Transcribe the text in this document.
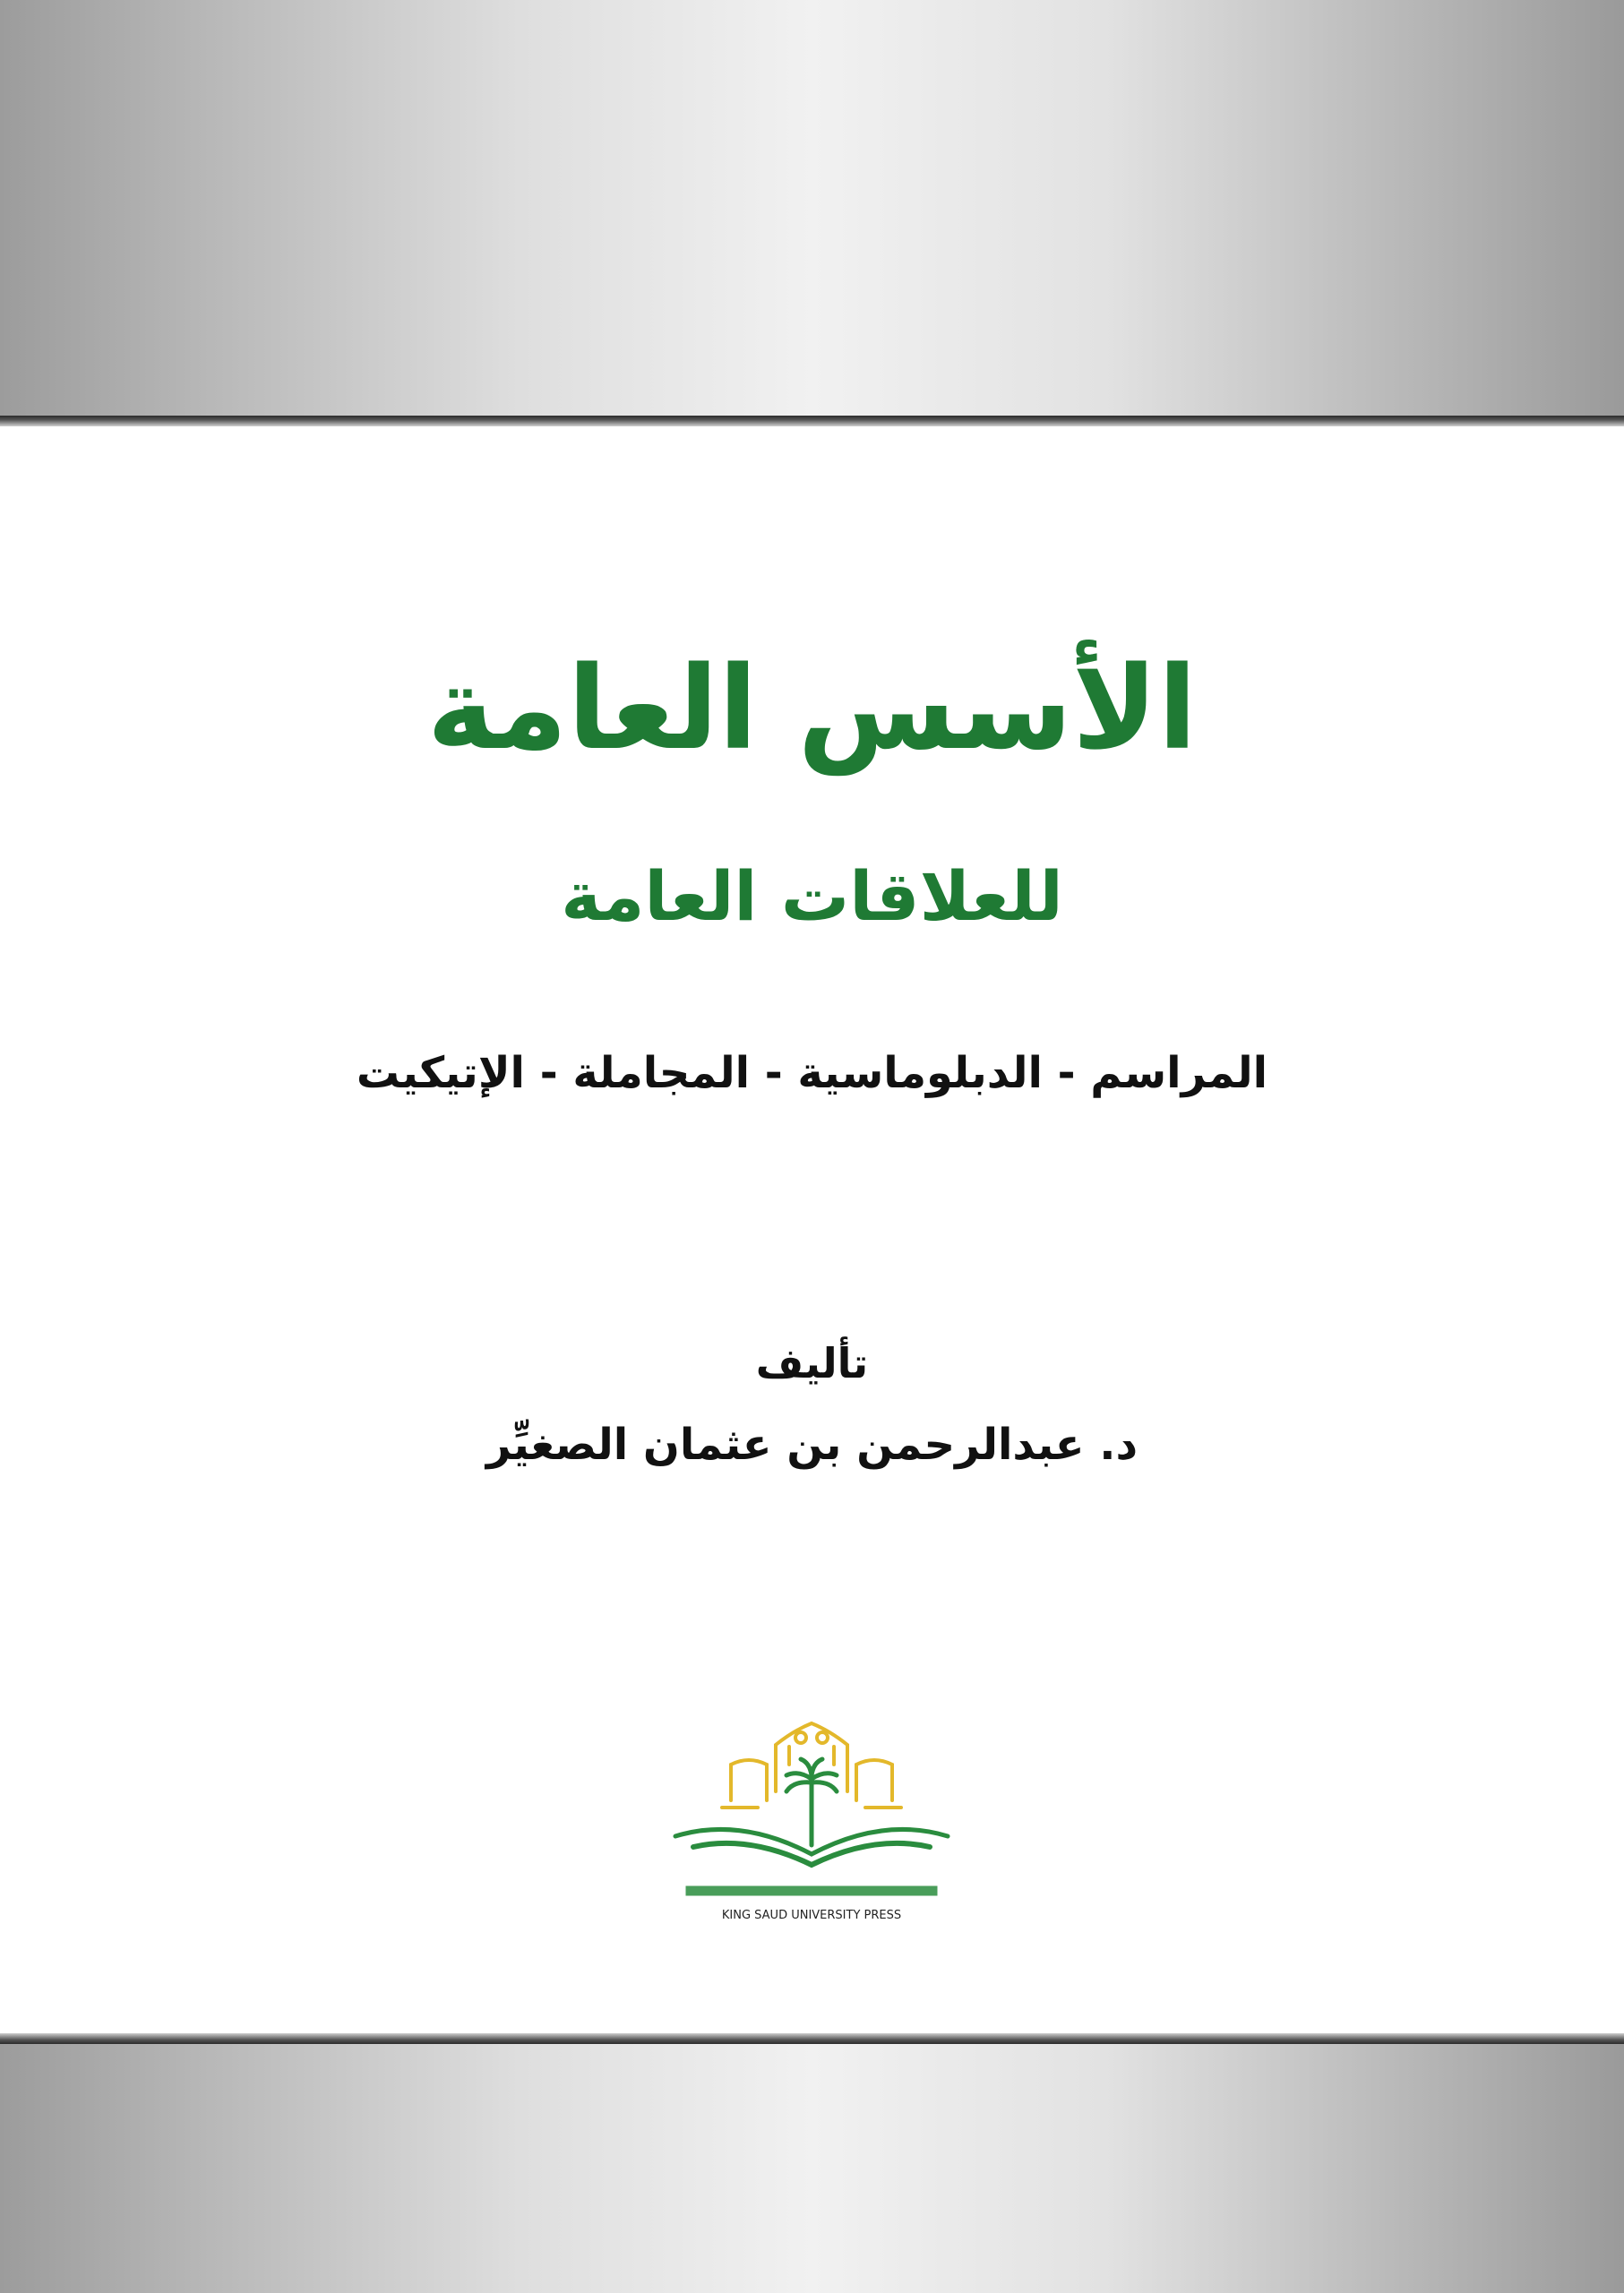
الأسس العامة
للعلاقات العامة
المراسم - الدبلوماسية - المجاملة - الإتيكيت
تأليف
د. عبدالرحمن بن عثمان الصغيِّر
KING SAUD UNIVERSITY PRESS
